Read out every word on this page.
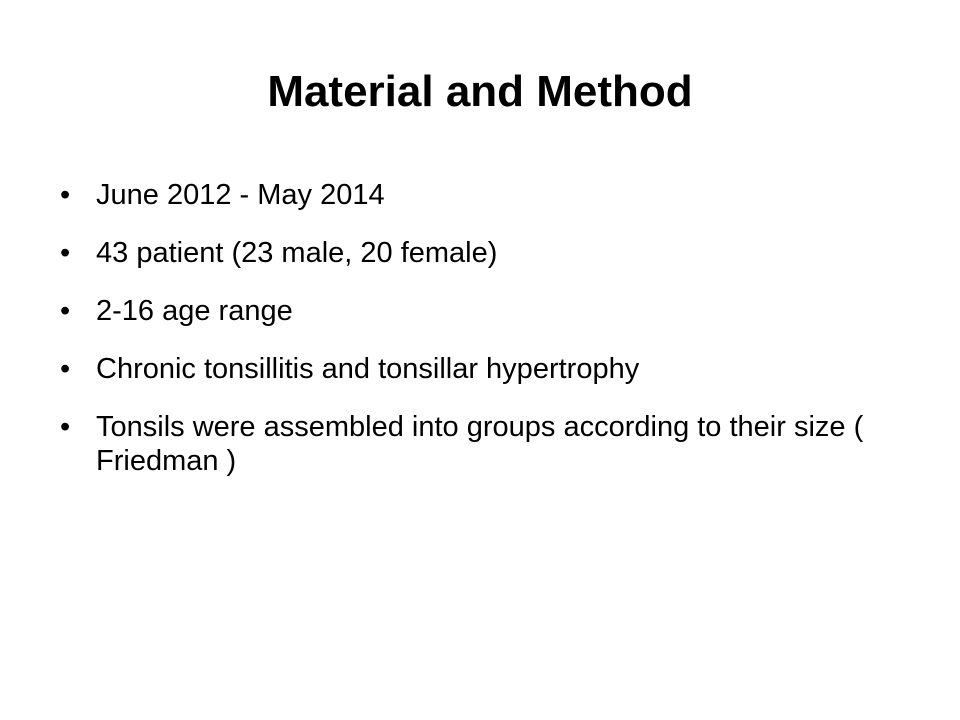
Material and Method
• June 2012 - May 2014
• 43 patient (23 male, 20 female)
• 2-16 age range
• Chronic tonsillitis and tonsillar hypertrophy
• Tonsils were assembled into groups according to their size ( Friedman )
